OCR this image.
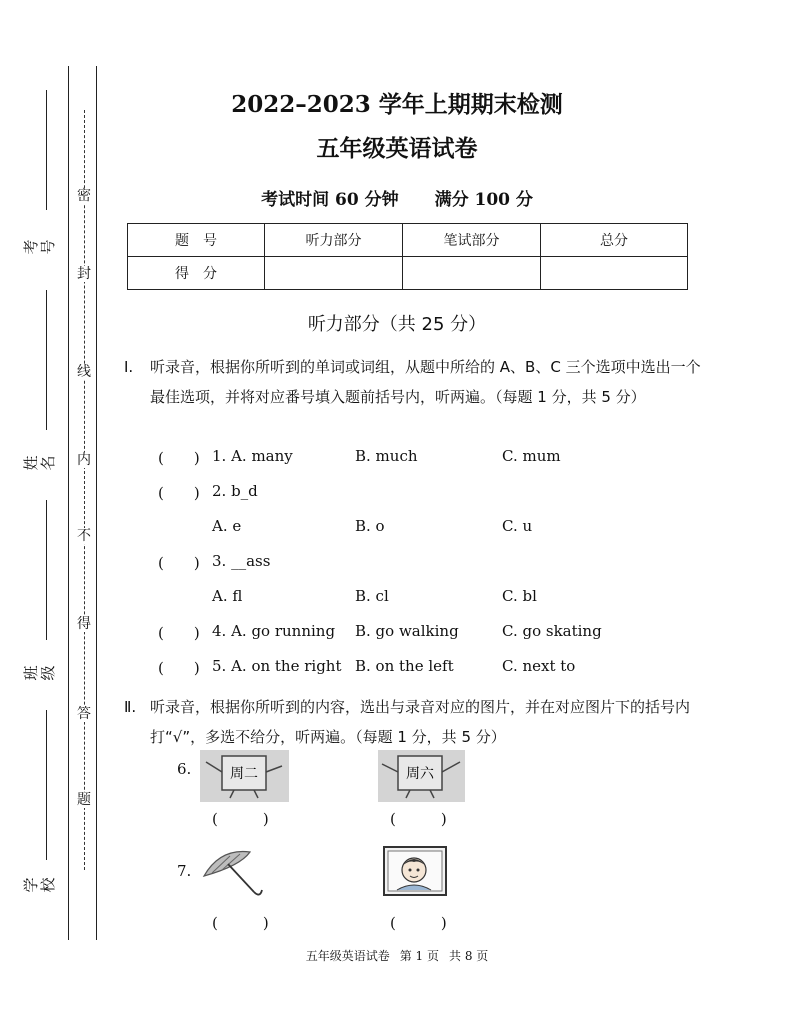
密
封
线
内
不
得
答
题
考号
姓名
班级
学校
2022–2023 学年上期期末检测
五年级英语试卷
考试时间 60 分钟 满分 100 分
题　号	听力部分	笔试部分	总分
得　分			
听力部分（共 25 分）
Ⅰ.	听录音，根据你所听到的单词或词组，从题中所给的 A、B、C 三个选项中选出一个最佳选项，并将对应番号填入题前括号内，听两遍。（每题 1 分，共 5 分）
(　　) 1. A. many	B. much	C. mum
(　　) 2. b_d
A. e	B. o	C. u
(　　) 3. __ass
A. fl	B. cl	C. bl
(　　) 4. A. go running B. go walking	C. go skating
(　　) 5. A. on the right B. on the left	C. next to
Ⅱ. 听录音，根据你所听到的内容，选出与录音对应的图片，并在对应图片下的括号内打“√”，多选不给分，听两遍。（每题 1 分，共 5 分）
6.	周二	周六
(　　　)	(　　　)
7.
(　　　)
(　　　)
五年级英语试卷 第 1 页 共 8 页
